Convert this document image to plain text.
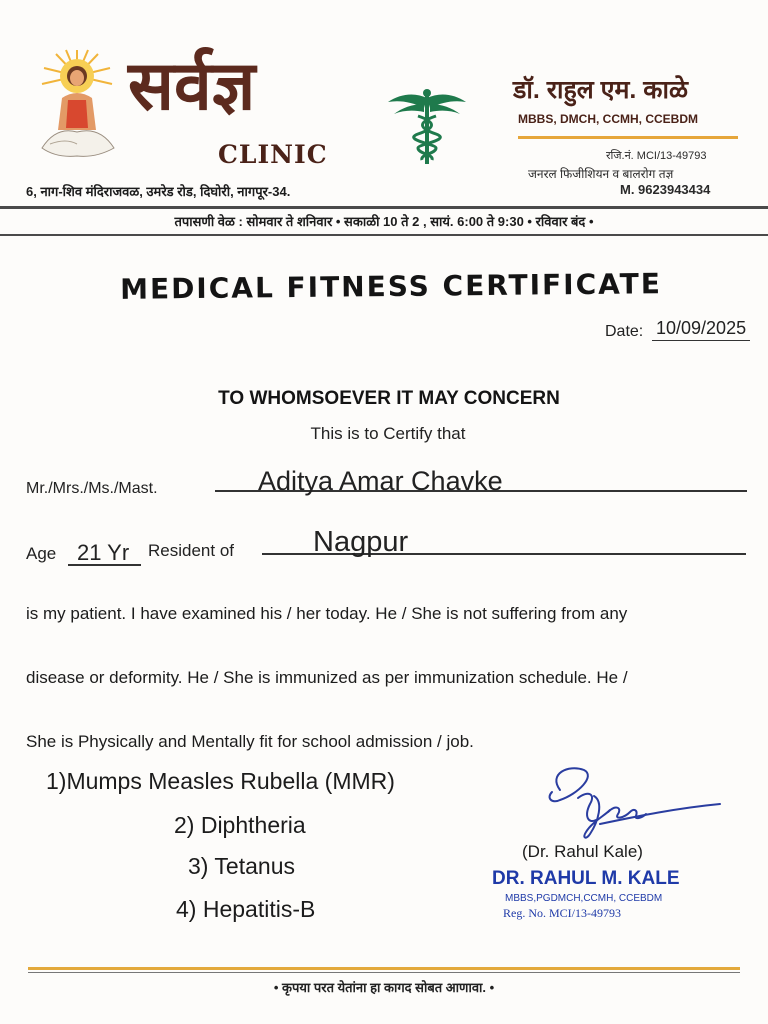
सर्वज्ञ
CLINIC
6, नाग-शिव मंदिराजवळ, उमरेड रोड, दिघोरी, नागपूर-34.
डॉ. राहुल एम. काळे
MBBS, DMCH, CCMH, CCEBDM
रजि.नं. MCI/13-49793
जनरल फिजीशियन व बालरोग तज्ञ
M. 9623943434
तपासणी वेळ : सोमवार ते शनिवार • सकाळी 10 ते 2 , सायं. 6:00 ते 9:30 • रविवार बंद •
MEDICAL FITNESS CERTIFICATE
Date: 10/09/2025
TO WHOMSOEVER IT MAY CONCERN
This is to Certify that
Mr./Mrs./Ms./Mast.	Aditya Amar Chavke
Age 21 Yr Resident of	Nagpur
is my patient. I have examined his / her today. He / She is not suffering from any
disease or deformity. He / She is immunized as per immunization schedule. He /
She is Physically and Mentally fit for school admission / job.
1)Mumps Measles Rubella (MMR)
2) Diphtheria
3) Tetanus
4) Hepatitis-B
(Dr. Rahul Kale)
DR. RAHUL M. KALE
MBBS,PGDMCH,CCMH, CCEBDM
Reg. No. MCI/13-49793
• कृपया परत येतांना हा कागद सोबत आणावा. •
